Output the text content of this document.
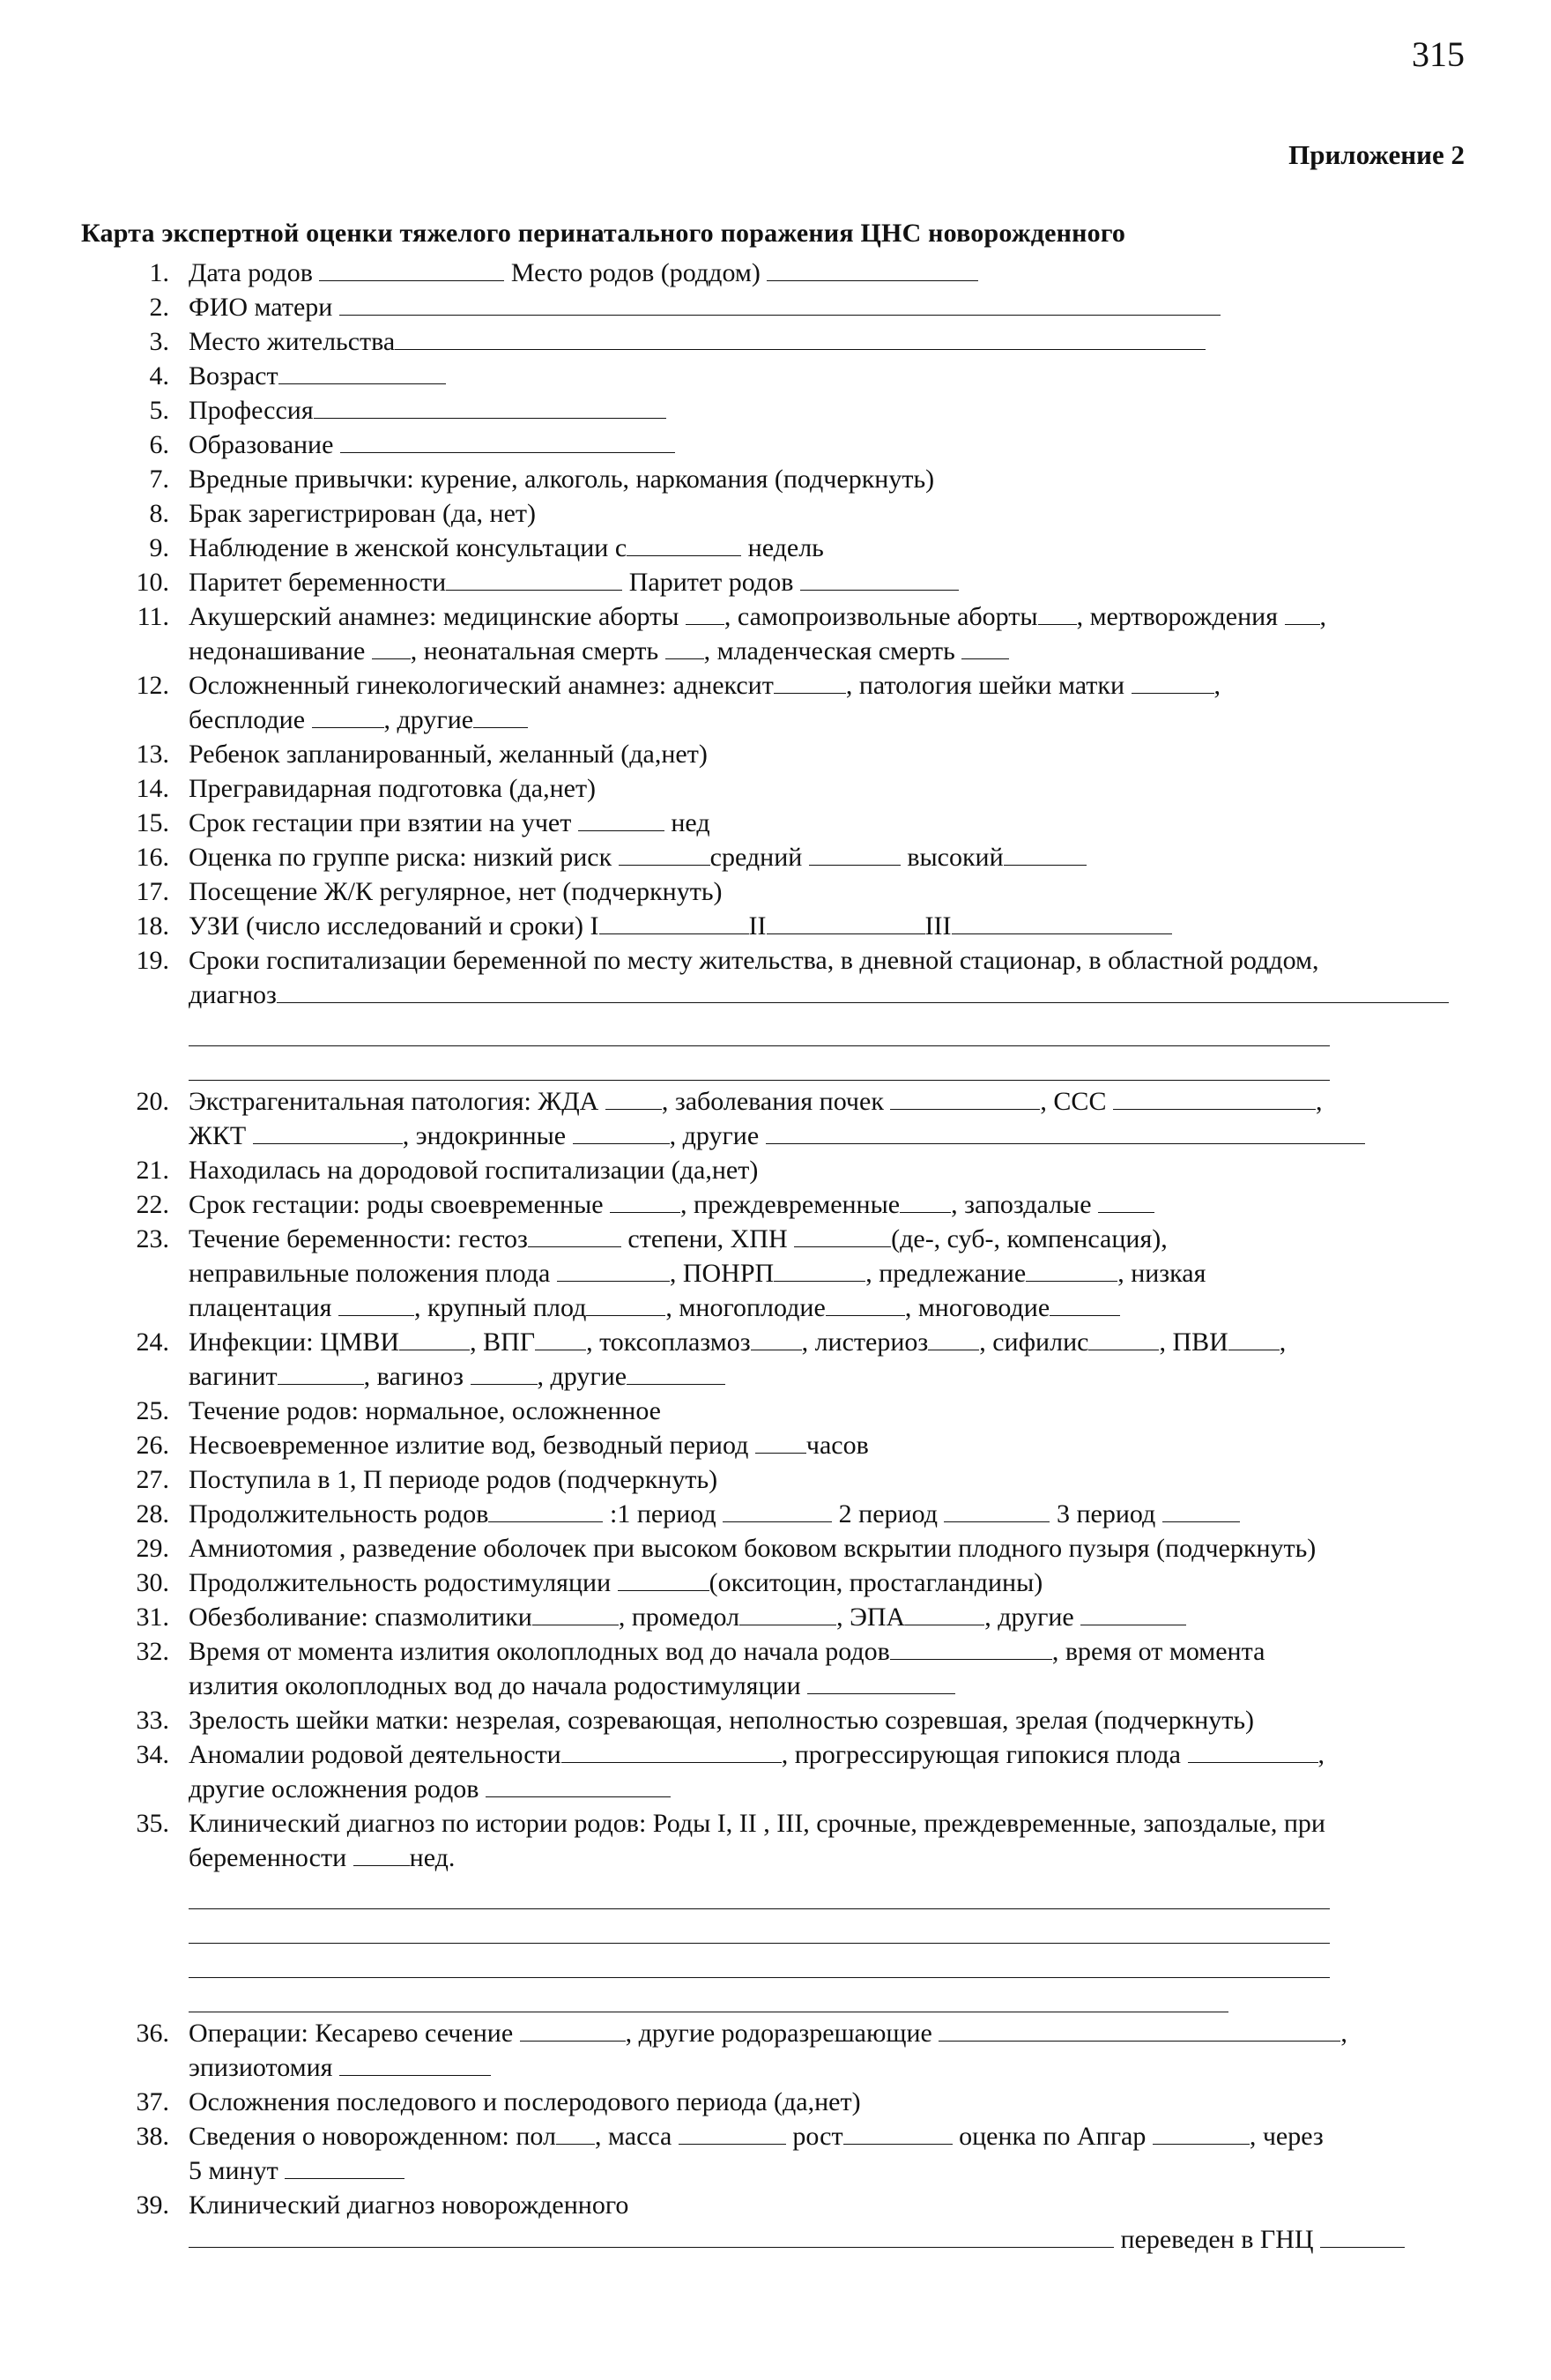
315
Приложение 2
Карта экспертной оценки тяжелого перинатального поражения ЦНС новорожденного
1. Дата родов	Место родов (роддом)
2. ФИО матери
3. Место жительства
4. Возраст
5. Профессия
6. Образование
7. Вредные привычки: курение, алкоголь, наркомания (подчеркнуть)
8. Брак зарегистрирован (да, нет)
9. Наблюдение в женской консультации с	недель
10. Паритет беременности	Паритет родов
11. Акушерский анамнез: медицинские аборты , самопроизвольные аборты , мертворождения ,
недонашивание , неонатальная смерть , младенческая смерть
12. Осложненный гинекологический анамнез: аднексит	, патология шейки матки	,
бесплодие	, другие
13. Ребенок запланированный, желанный (да,нет)
14. Прегравидарная подготовка (да,нет)
15. Срок гестации при взятии на учет	нед
16. Оценка по группе риска: низкий риск	средний	высокий
17. Посещение Ж/К регулярное, нет (подчеркнуть)
18. УЗИ (число исследований и сроки) I	II	III
19. Сроки госпитализации беременной по месту жительства, в дневной стационар, в областной роддом,
диагноз
20. Экстрагенитальная патология: ЖДА , заболевания почек	, ССС	,
ЖКТ	, эндокринные	, другие
21. Находилась на дородовой госпитализации (да,нет)
22. Срок гестации: роды своевременные	, преждевременные , запоздалые
23. Течение беременности: гестоз	степени, ХПН	(де-, суб-, компенсация),
неправильные положения плода	, ПОНРП	, предлежание	, низкая
плацентация	, крупный плод	, многоплодие	, многоводие
24. Инфекции: ЦМВИ	, ВПГ , токсоплазмоз , листериоз , сифилис	, ПВИ ,
вагинит	, вагиноз	, другие
25. Течение родов: нормальное, осложненное
26. Несвоевременное излитие вод, безводный период часов
27. Поступила в 1, П периоде родов (подчеркнуть)
28. Продолжительность родов	:1 период	2 период	3 период
29. Амниотомия , разведение оболочек при высоком боковом вскрытии плодного пузыря (подчеркнуть)
30. Продолжительность родостимуляции	(окситоцин, простагландины)
31. Обезболивание: спазмолитики	, промедол	, ЭПА	, другие
32. Время от момента излития околоплодных вод до начала родов	, время от момента
излития околоплодных вод до начала родостимуляции
33. Зрелость шейки матки: незрелая, созревающая, неполностью созревшая, зрелая (подчеркнуть)
34. Аномалии родовой деятельности	, прогрессирующая гипокися плода	,
другие осложнения родов
35. Клинический диагноз по истории родов: Роды I, II , III, срочные, преждевременные, запоздалые, при
беременности нед.
36. Операции: Кесарево сечение	, другие родоразрешающие	,
эпизиотомия
37. Осложнения последового и послеродового периода (да,нет)
38. Сведения о новорожденном: пол , масса	рост	оценка по Апгар	, через
5 минут
39. Клинический диагноз новорожденного
переведен в ГНЦ
